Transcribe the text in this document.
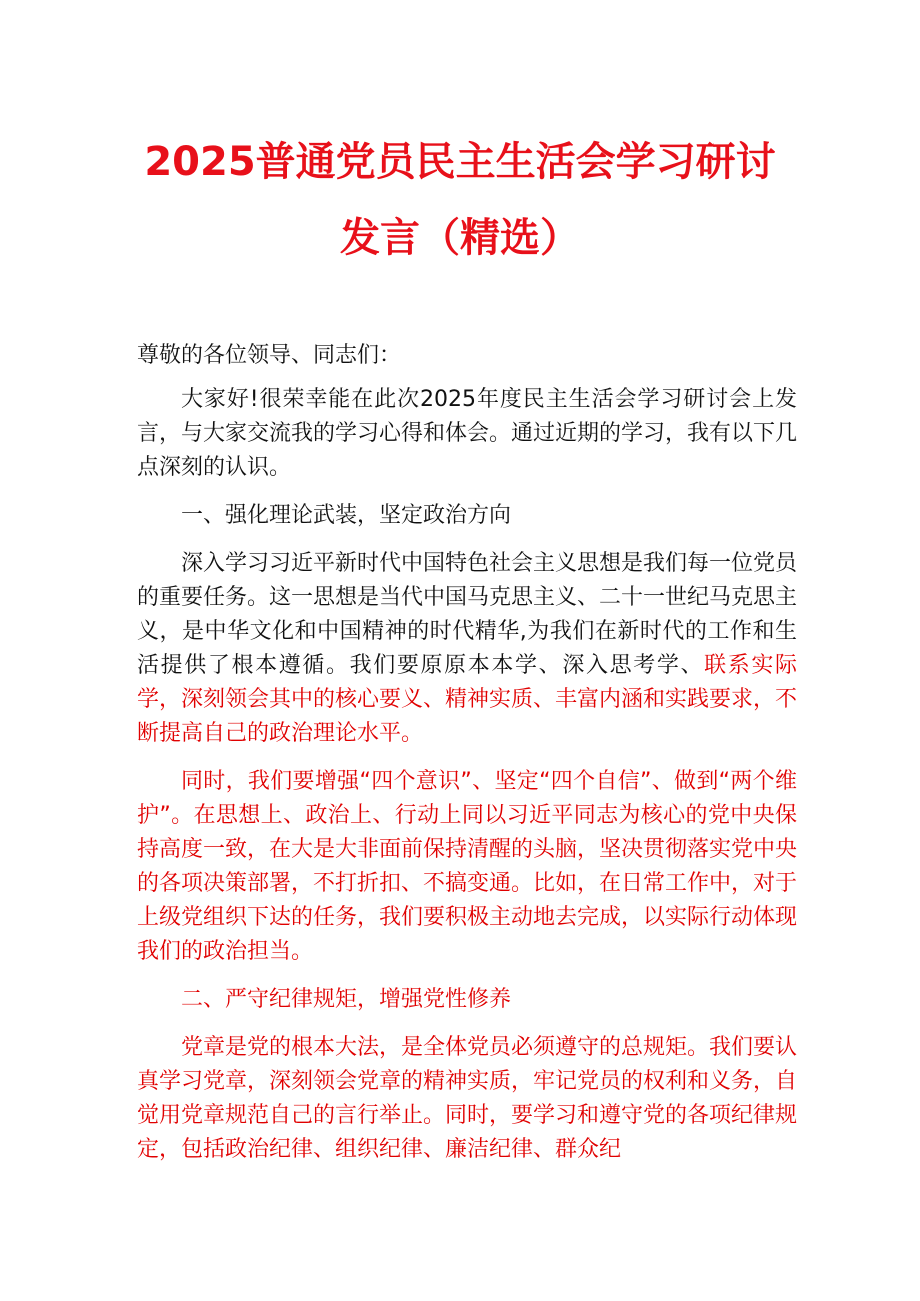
2025普通党员民主生活会学习研讨
发言（精选）

尊敬的各位领导、同志们：

大家好!很荣幸能在此次2025年度民主生活会学习研讨会上发言，与大家交流我的学习心得和体会。通过近期的学习，我有以下几点深刻的认识。

一、强化理论武装，坚定政治方向

深入学习习近平新时代中国特色社会主义思想是我们每一位党员的重要任务。这一思想是当代中国马克思主义、二十一世纪马克思主义，是中华文化和中国精神的时代精华,为我们在新时代的工作和生活提供了根本遵循。我们要原原本本学、深入思考学、联系实际学，深刻领会其中的核心要义、精神实质、丰富内涵和实践要求，不断提高自己的政治理论水平。

同时，我们要增强“四个意识”、坚定“四个自信”、做到“两个维护”。在思想上、政治上、行动上同以习近平同志为核心的党中央保持高度一致，在大是大非面前保持清醒的头脑，坚决贯彻落实党中央的各项决策部署，不打折扣、不搞变通。比如，在日常工作中，对于上级党组织下达的任务，我们要积极主动地去完成，以实际行动体现我们的政治担当。

二、严守纪律规矩，增强党性修养

党章是党的根本大法，是全体党员必须遵守的总规矩。我们要认真学习党章，深刻领会党章的精神实质，牢记党员的权利和义务，自觉用党章规范自己的言行举止。同时，要学习和遵守党的各项纪律规定，包括政治纪律、组织纪律、廉洁纪律、群众纪
